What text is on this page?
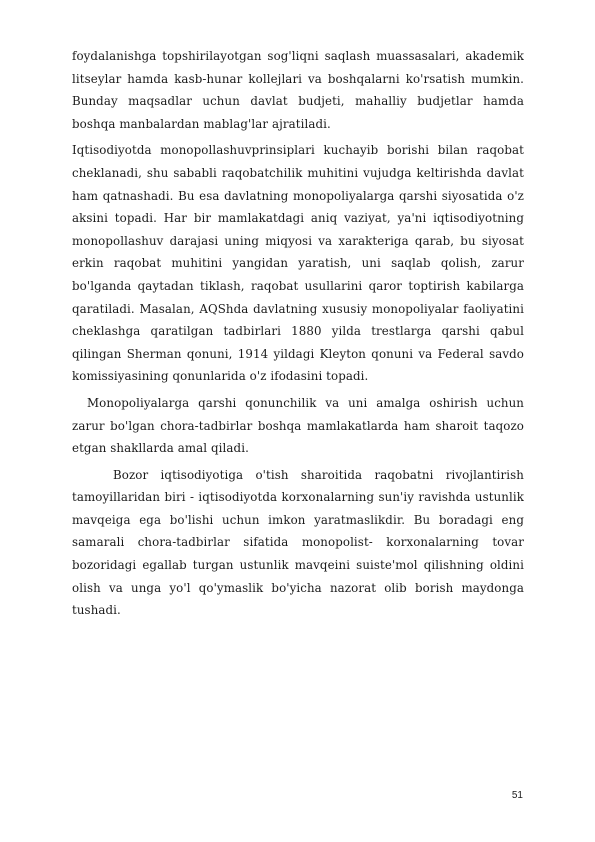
foydalanishga topshirilayotgan sog'liqni saqlash muassasalari, akademik litseylar hamda kasb-hunar kollejlari va boshqalarni ko'rsatish mumkin. Bunday maqsadlar uchun davlat budjeti, mahalliy budjetlar hamda boshqa manbalardan mablag'lar ajratiladi.

Iqtisodiyotda monopollashuvprinsiplari kuchayib borishi bilan raqobat cheklanadi, shu sababli raqobatchilik muhitini vujudga keltirishda davlat ham qatnashadi. Bu esa davlatning monopoliyalarga qarshi siyosatida o'z aksini topadi. Har bir mamlakatdagi aniq vaziyat, ya'ni iqtisodiyotning monopollashuv darajasi uning miqyosi va xarakteriga qarab, bu siyosat erkin raqobat muhitini yangidan yaratish, uni saqlab qolish, zarur bo'lganda qaytadan tiklash, raqobat usullarini qaror toptirish kabilarga qaratiladi. Masalan, AQShda davlatning xususiy monopoliyalar faoliyatini cheklashga qaratilgan tadbirlari 1880 yilda trestlarga qarshi qabul qilingan Sherman qonuni, 1914 yildagi Kleyton qonuni va Federal savdo komissiyasining qonunlarida o'z ifodasini topadi.

Monopoliyalarga qarshi qonunchilik va uni amalga oshirish uchun zarur bo'lgan chora-tadbirlar boshqa mamlakatlarda ham sharoit taqozo etgan shakllarda amal qiladi.

Bozor iqtisodiyotiga o'tish sharoitida raqobatni rivojlantirish tamoyillaridan biri - iqtisodiyotda korxonalarning sun'iy ravishda ustunlik mavqeiga ega bo'lishi uchun imkon yaratmaslikdir. Bu boradagi eng samarali chora-tadbirlar sifatida monopolist- korxonalarning tovar bozoridagi egallab turgan ustunlik mavqeini suiste'mol qilishning oldini olish va unga yo'l qo'ymaslik bo'yicha nazorat olib borish maydonga tushadi.

51
